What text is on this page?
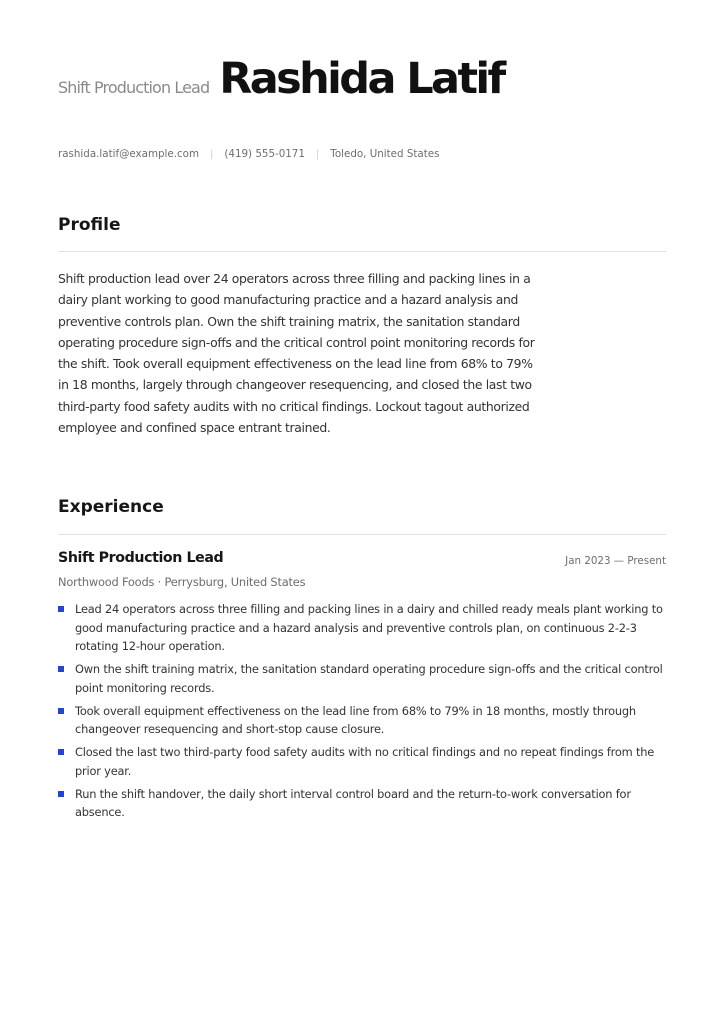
Shift Production Lead Rashida Latif
rashida.latif@example.com | (419) 555-0171 | Toledo, United States
Profile

Shift production lead over 24 operators across three filling and packing lines in a dairy plant working to good manufacturing practice and a hazard analysis and preventive controls plan. Own the shift training matrix, the sanitation standard operating procedure sign-offs and the critical control point monitoring records for the shift. Took overall equipment effectiveness on the lead line from 68% to 79% in 18 months, largely through changeover resequencing, and closed the last two third-party food safety audits with no critical findings. Lockout tagout authorized employee and confined space entrant trained.

Experience
Shift Production Lead	Jan 2023 — Present
Northwood Foods · Perrysburg, United States
Lead 24 operators across three filling and packing lines in a dairy and chilled ready meals plant working to good manufacturing practice and a hazard analysis and preventive controls plan, on continuous 2-2-3 rotating 12-hour operation.
Own the shift training matrix, the sanitation standard operating procedure sign-offs and the critical control point monitoring records.
Took overall equipment effectiveness on the lead line from 68% to 79% in 18 months, mostly through changeover resequencing and short-stop cause closure.
Closed the last two third-party food safety audits with no critical findings and no repeat findings from the prior year.
Run the shift handover, the daily short interval control board and the return-to-work conversation for absence.
